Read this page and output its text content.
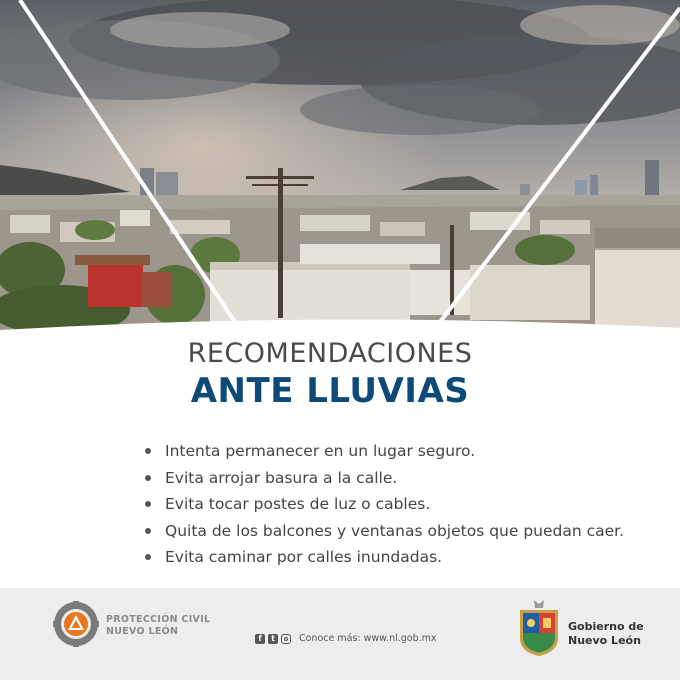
RECOMENDACIONES
ANTE LLUVIAS
Intenta permanecer en un lugar seguro.
Evita arrojar basura a la calle.
Evita tocar postes de luz o cables.
Quita de los balcones y ventanas objetos que puedan caer.
Evita caminar por calles inundadas.
PROTECCIÓN CIVIL
NUEVO LEÓN
f	t	Conoce más: www.nl.gob.mx
Gobierno de
Nuevo León
